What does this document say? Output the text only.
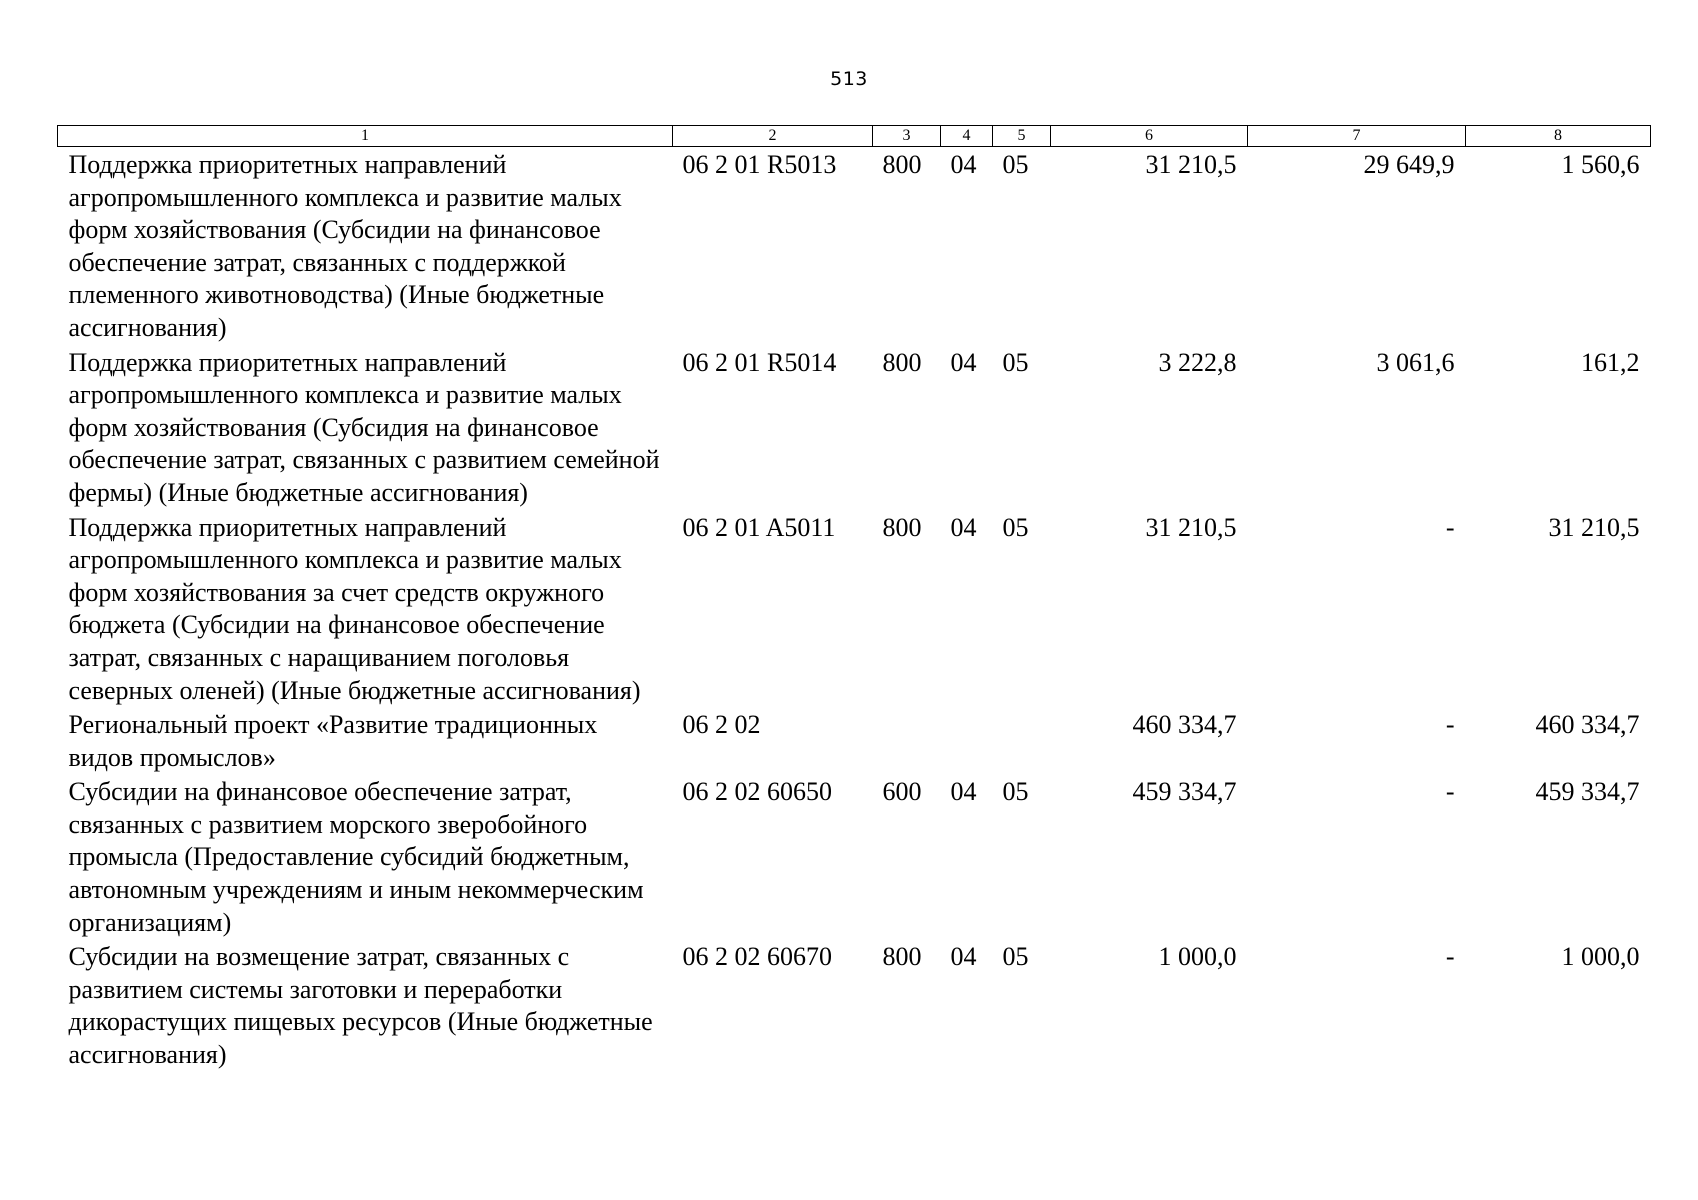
513
1	2	3	4	5	6	7	8
Поддержка приоритетных направлений агропромышленного комплекса и развитие малых форм хозяйствования (Субсидии на финансовое обеспечение затрат, связанных с поддержкой племенного животноводства) (Иные бюджетные ассигнования)	06 2 01 R5013	800	04	05	31 210,5	29 649,9	1 560,6
Поддержка приоритетных направлений агропромышленного комплекса и развитие малых форм хозяйствования (Субсидия на финансовое обеспечение затрат, связанных с развитием семейной фермы) (Иные бюджетные ассигнования)	06 2 01 R5014	800	04	05	3 222,8	3 061,6	161,2
Поддержка приоритетных направлений агропромышленного комплекса и развитие малых форм хозяйствования за счет средств окружного бюджета (Субсидии на финансовое обеспечение затрат, связанных с наращиванием поголовья северных оленей) (Иные бюджетные ассигнования)	06 2 01 A5011	800	04	05	31 210,5	-	31 210,5
Региональный проект «Развитие традиционных видов промыслов»	06 2 02				460 334,7	-	460 334,7
Субсидии на финансовое обеспечение затрат, связанных с развитием морского зверобойного промысла (Предоставление субсидий бюджетным, автономным учреждениям и иным некоммерческим организациям)	06 2 02 60650	600	04	05	459 334,7	-	459 334,7
Субсидии на возмещение затрат, связанных с развитием системы заготовки и переработки дикорастущих пищевых ресурсов (Иные бюджетные ассигнования)	06 2 02 60670	800	04	05	1 000,0	-	1 000,0
